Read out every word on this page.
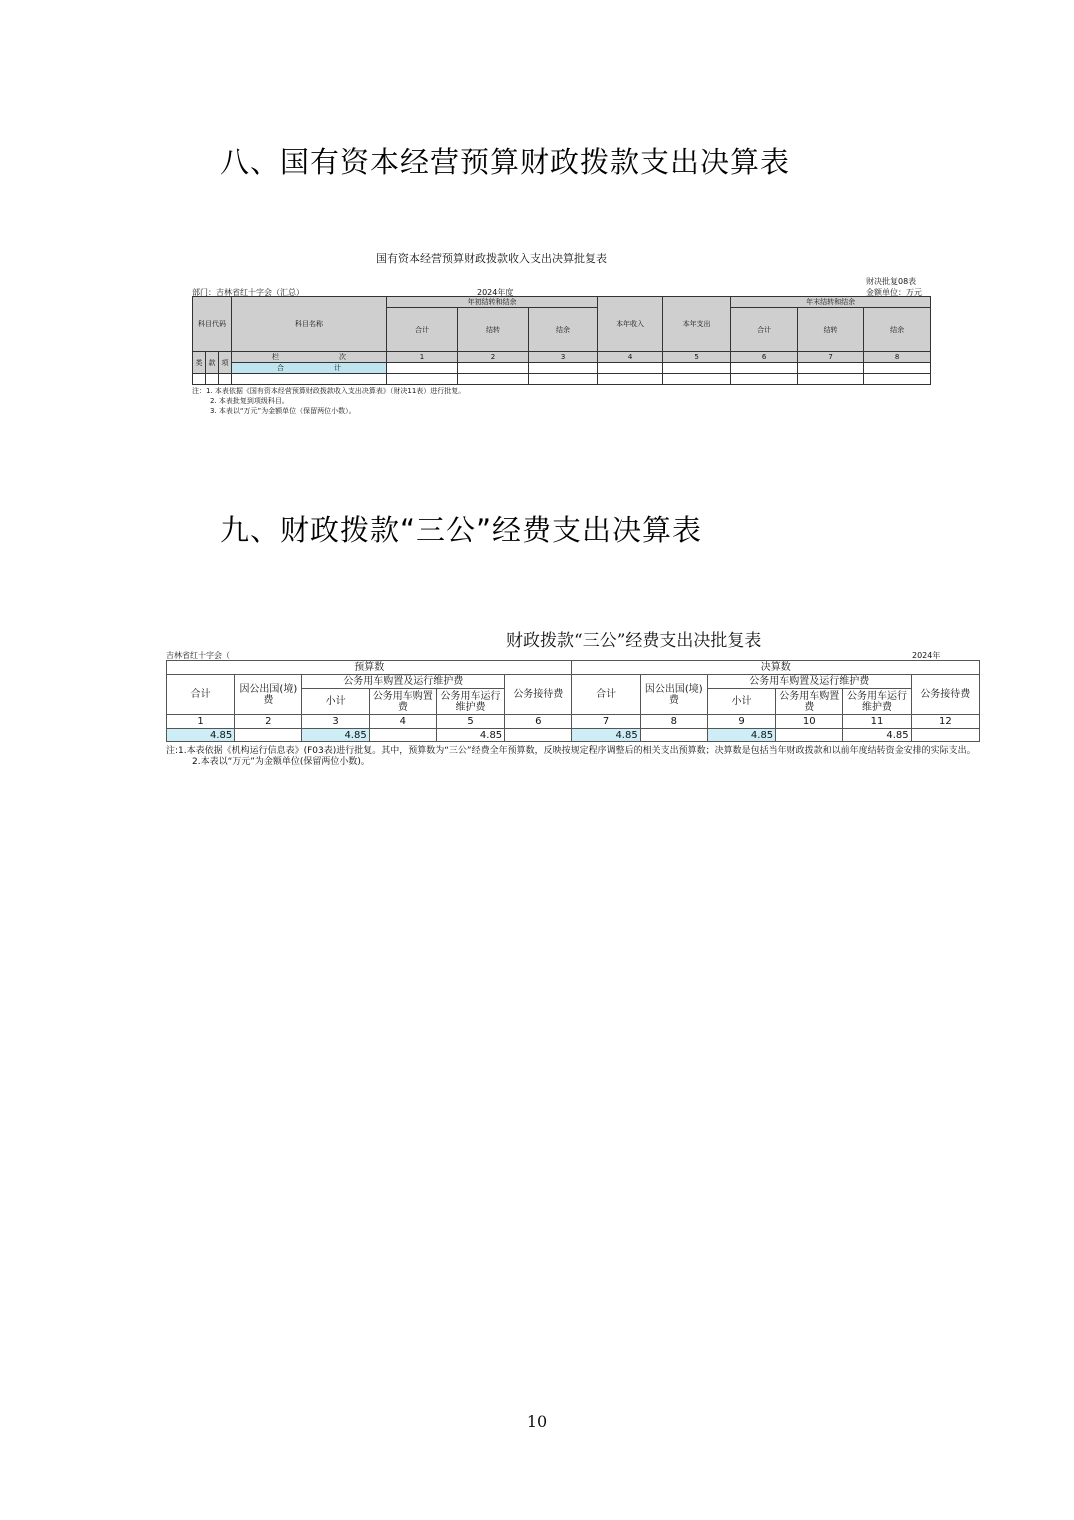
八、国有资本经营预算财政拨款支出决算表
国有资本经营预算财政拨款收入支出决算批复表
财决批复08表
部门：吉林省红十字会（汇总）	2024年度	金额单位：万元
科目代码			科目名称	年初结转和结余			本年收入	本年支出	年末结转和结余		
				合计	结转	结余			合计	结转	结余
类	款	项	栏 次	1	2	3	4	5	6	7	8
			合 计								

注：1. 本表依据《国有资本经营预算财政拨款收入支出决算表》（财决11表）进行批复。
2. 本表批复到项级科目。
3. 本表以“万元”为金额单位（保留两位小数）。
九、财政拨款“三公”经费支出决算表
财政拨款“三公”经费支出决批复表
吉林省红十字会（	2024年
预算数						决算数					
合计	因公出国(境)费	公务用车购置及运行维护费			公务接待费	合计	因公出国(境)费	公务用车购置及运行维护费			公务接待费
		小计	公务用车购置费	公务用车运行维护费				小计	公务用车购置费	公务用车运行维护费	
1	2	3	4	5	6	7	8	9	10	11	12
4.85		4.85		4.85		4.85		4.85		4.85	
注:1.本表依据《机构运行信息表》(F03表)进行批复。其中，预算数为“三公”经费全年预算数，反映按规定程序调整后的相关支出预算数；决算数是包括当年财政拨款和以前年度结转资金安排的实际支出。
2.本表以“万元”为金额单位(保留两位小数)。
10
